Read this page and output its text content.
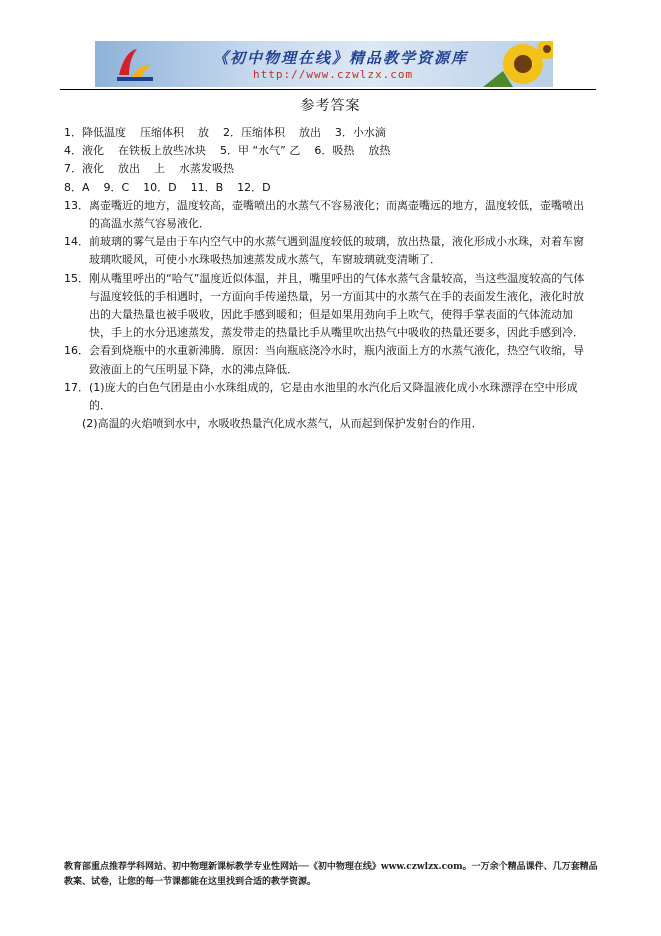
《初中物理在线》精品教学资源库
http://www.czwlzx.com
参考答案
1． 降低温度    压缩体积    放    2．压缩体积    放出    3．小水滴
4． 液化    在铁板上放些冰块    5．甲 “水气” 乙    6．吸热    放热
7． 液化    放出    上    水蒸发吸热
8． A    9．C    10．D    11．B    12．D
13． 离壶嘴近的地方，温度较高，壶嘴喷出的水蒸气不容易液化；而离壶嘴远的地方，温度较低，壶嘴喷出的高温水蒸气容易液化．
14． 前玻璃的雾气是由于车内空气中的水蒸气遇到温度较低的玻璃，放出热量，液化形成小水珠，对着车窗玻璃吹暖风，可使小水珠吸热加速蒸发成水蒸气，车窗玻璃就变清晰了．
15． 刚从嘴里呼出的“哈气”温度近似体温，并且，嘴里呼出的气体水蒸气含量较高，当这些温度较高的气体与温度较低的手相遇时，一方面向手传递热量，另一方面其中的水蒸气在手的表面发生液化，液化时放出的大量热量也被手吸收，因此手感到暖和；但是如果用劲向手上吹气，使得手掌表面的气体流动加快，手上的水分迅速蒸发，蒸发带走的热量比手从嘴里吹出热气中吸收的热量还要多，因此手感到冷．
16． 会看到烧瓶中的水重新沸腾．原因：当向瓶底浇冷水时，瓶内液面上方的水蒸气液化，热空气收缩，导致液面上的气压明显下降，水的沸点降低．
17． (1)庞大的白色气团是由小水珠组成的，它是由水池里的水汽化后又降温液化成小水珠漂浮在空中形成的．
(2)高温的火焰喷到水中，水吸收热量汽化成水蒸气，从而起到保护发射台的作用．
教育部重点推荐学科网站、初中物理新课标教学专业性网站──《初中物理在线》www.czwlzx.com。一万余个精品课件、几万套精品教案、试卷，让您的每一节课都能在这里找到合适的教学资源。
